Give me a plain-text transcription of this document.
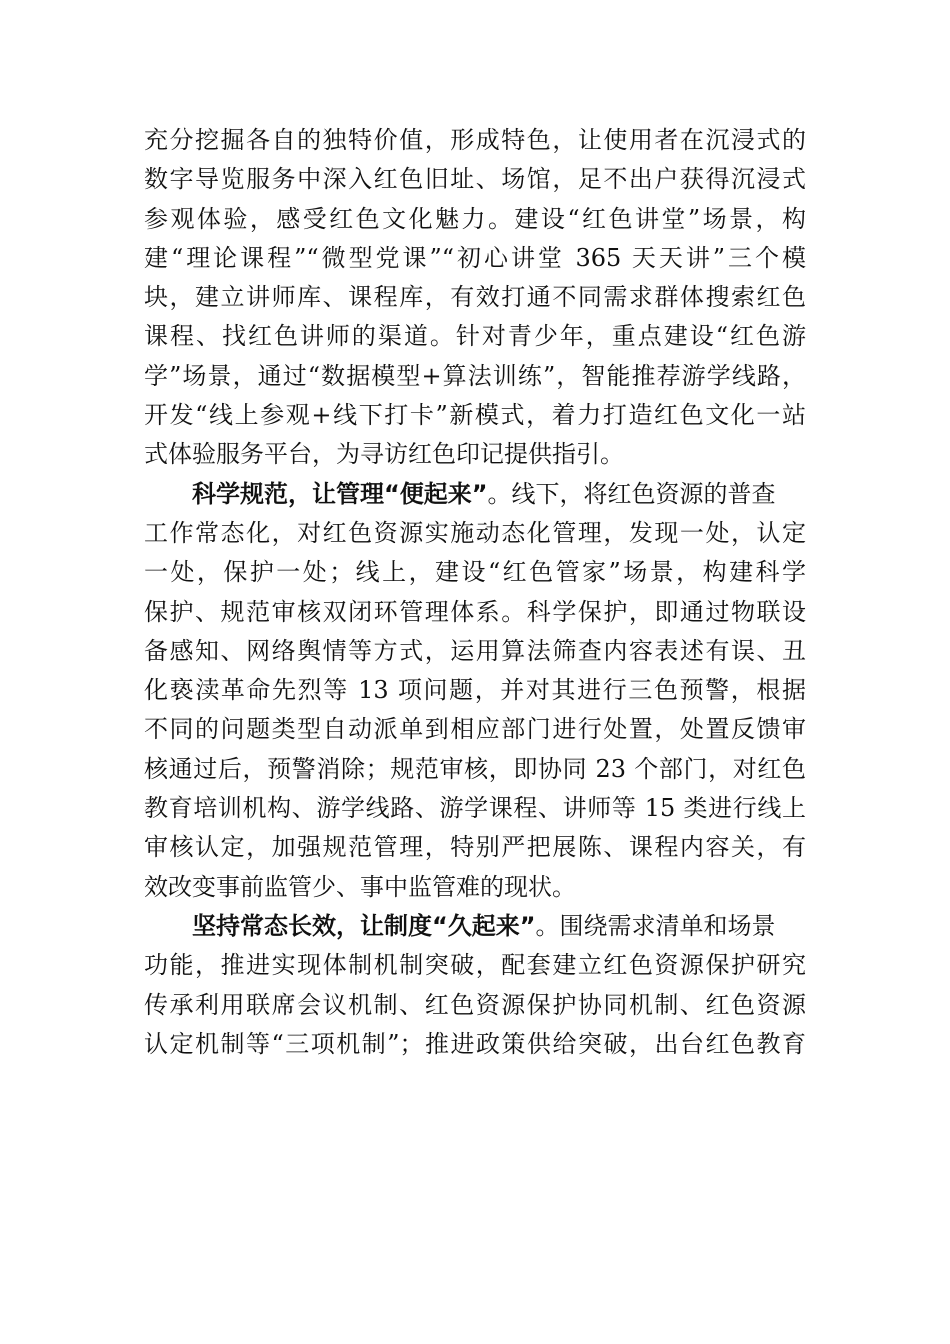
充分挖掘各自的独特价值，形成特色，让使用者在沉浸式的
数字导览服务中深入红色旧址、场馆，足不出户获得沉浸式
参观体验，感受红色文化魅力。建设“红色讲堂”场景，构
建“理论课程”“微型党课”“初心讲堂 365 天天讲”三个模
块，建立讲师库、课程库，有效打通不同需求群体搜索红色
课程、找红色讲师的渠道。针对青少年，重点建设“红色游
学”场景，通过“数据模型+算法训练”，智能推荐游学线路，
开发“线上参观+线下打卡”新模式，着力打造红色文化一站
式体验服务平台，为寻访红色印记提供指引。
科学规范，让管理“便起来”。线下，将红色资源的普查
工作常态化，对红色资源实施动态化管理，发现一处，认定
一处，保护一处；线上，建设“红色管家”场景，构建科学
保护、规范审核双闭环管理体系。科学保护，即通过物联设
备感知、网络舆情等方式，运用算法筛查内容表述有误、丑
化亵渎革命先烈等 13 项问题，并对其进行三色预警，根据
不同的问题类型自动派单到相应部门进行处置，处置反馈审
核通过后，预警消除；规范审核，即协同 23 个部门，对红色
教育培训机构、游学线路、游学课程、讲师等 15 类进行线上
审核认定，加强规范管理，特别严把展陈、课程内容关，有
效改变事前监管少、事中监管难的现状。
坚持常态长效，让制度“久起来”。围绕需求清单和场景
功能，推进实现体制机制突破，配套建立红色资源保护研究
传承利用联席会议机制、红色资源保护协同机制、红色资源
认定机制等“三项机制”；推进政策供给突破，出台红色教育
